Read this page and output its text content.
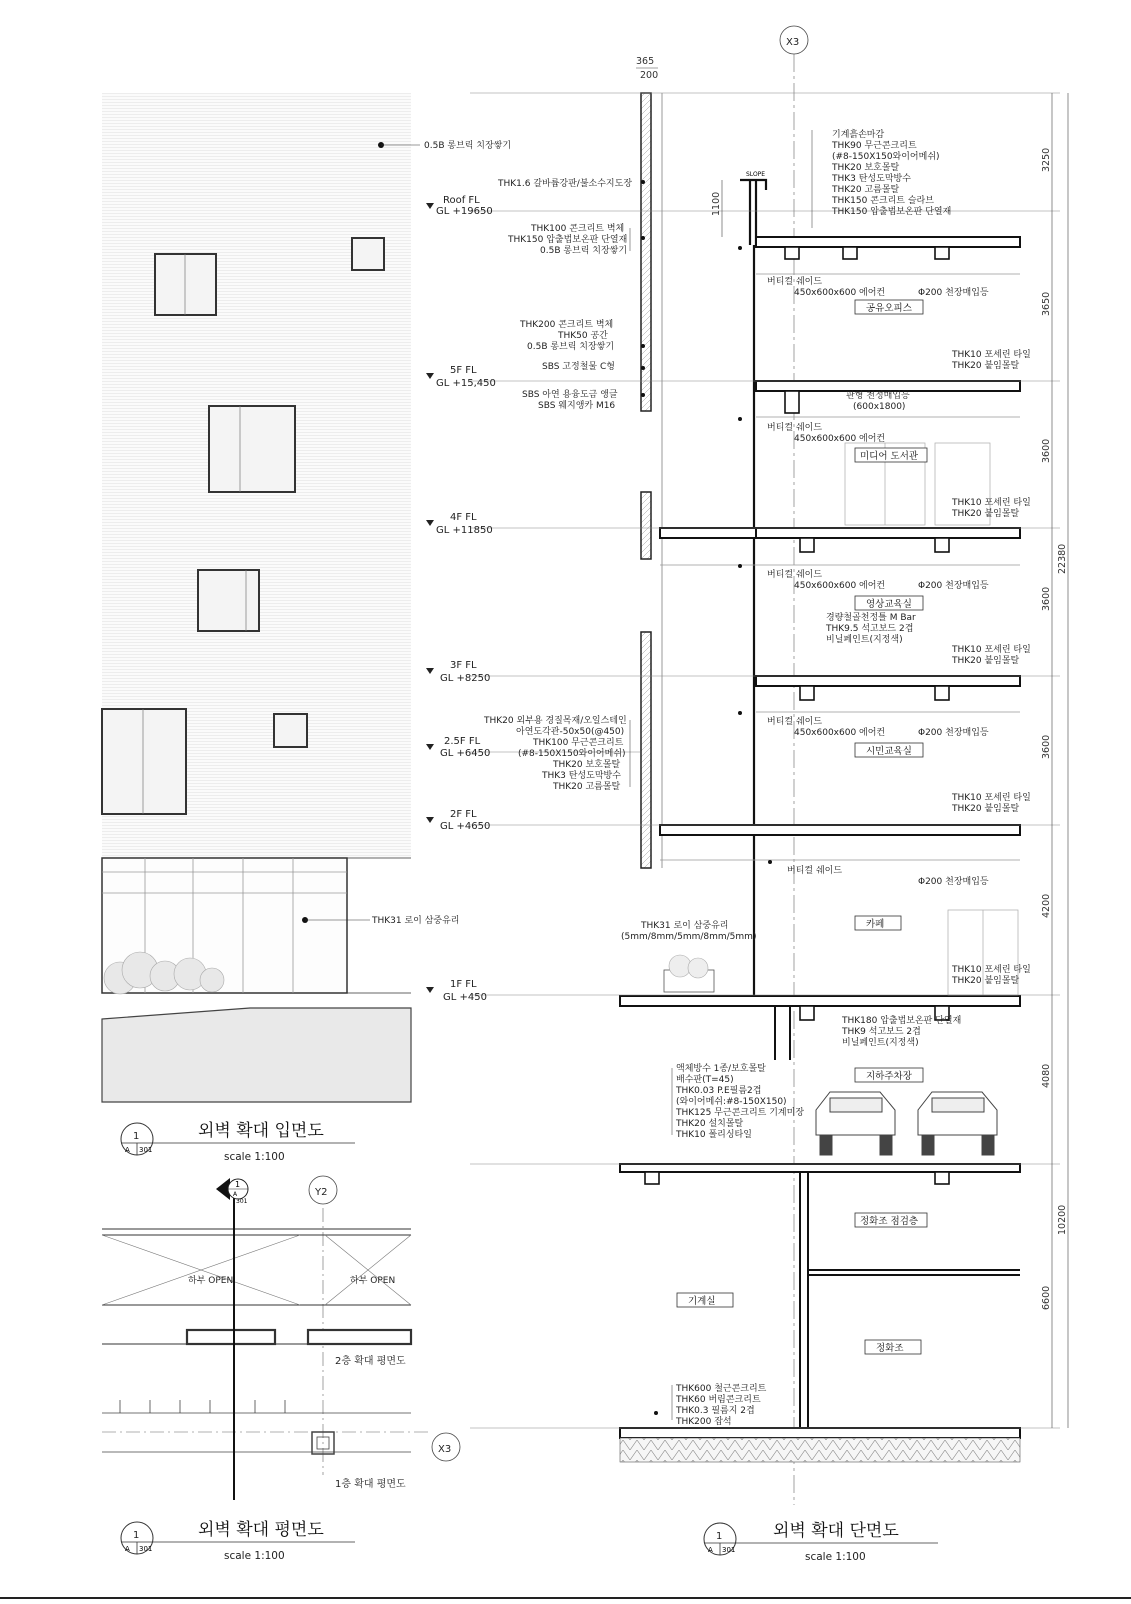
0.5B 롱브릭 치장쌓기
THK31 로이 삼중유리
1
A 301
외벽 확대 입면도
scale 1:100
Y2
X3
하부 OPEN	하부 OPEN
2층 확대 평면도
1층 확대 평면도
1
A
301
1
A 301
외벽 확대 평면도
scale 1:100
X3
365
200
Roof FL
GL +19650
5F FL
GL +15,450
4F FL
GL +11850
3F FL
GL +8250
2.5F FL
GL +6450
2F FL
GL +4650
1F FL
GL +450
1100
SLOPE
3250
3650
3600
3600
3600
4200
4080
6600
22380
10200
기계흙손마감
THK90 무근콘크리트
(#8-150X150와이어메쉬)
THK20 보호몰탈
THK3 탄성도막방수
THK20 고름몰탈
THK150 콘크리트 슬라브
THK150 압출법보온판 단열재
THK1.6 갈바륨강판/불소수지도장
THK100 콘크리트 벽체
THK150 압출법보온판 단열재
0.5B 롱브릭 치장쌓기
THK200 콘크리트 벽체
THK50 공간
0.5B 롱브릭 치장쌓기
SBS 고정철물 C형
SBS 아연 용융도금 앵글
SBS 웨지앵카 M16
THK20 외부용 경질목재/오일스테인
아연도각관-50x50(@450)
THK100 무근콘크리트
(#8-150X150와이어메쉬)
THK20 보호몰탈
THK3 탄성도막방수
THK20 고름몰탈
THK31 로이 삼중유리
(5mm/8mm/5mm/8mm/5mm)
버티컬 쉐이드
450x600x600 에어컨	Φ200 천장매입등
판형 천정매입등
(600x1800)
버티컬 쉐이드
450x600x600 에어컨
버티컬 쉐이드
450x600x600 에어컨	Φ200 천장매입등
버티컬 쉐이드
450x600x600 에어컨	Φ200 천장매입등
버티컬 쉐이드
Φ200 천장매입등
THK10 포세린 타일
THK20 붙임몰탈
THK10 포세린 타일
THK20 붙임몰탈
THK10 포세린 타일
THK20 붙임몰탈
THK10 포세린 타일
THK20 붙임몰탈
THK10 포세린 타일
THK20 붙임몰탈
경량철골천정틀 M Bar
THK9.5 석고보드 2겹
비닐페인트(지정색)
THK180 압출법보온판 단열재
THK9 석고보드 2겹
비닐페인트(지정색)
액체방수 1종/보호몰탈
배수판(T=45)
THK0.03 P.E필름2겹
(와이어메쉬:#8-150X150)
THK125 무근콘크리트 기계미장
THK20 설치몰탈
THK10 폴리싱타일
THK600 철근콘크리트
THK60 버림콘크리트
THK0.3 필름지 2겹
THK200 잡석
공유오피스
미디어 도서관
영상교육실
시민교육실
카페
지하주차장
정화조 점검층
기계실
정화조
1
A 301
외벽 확대 단면도
scale 1:100
